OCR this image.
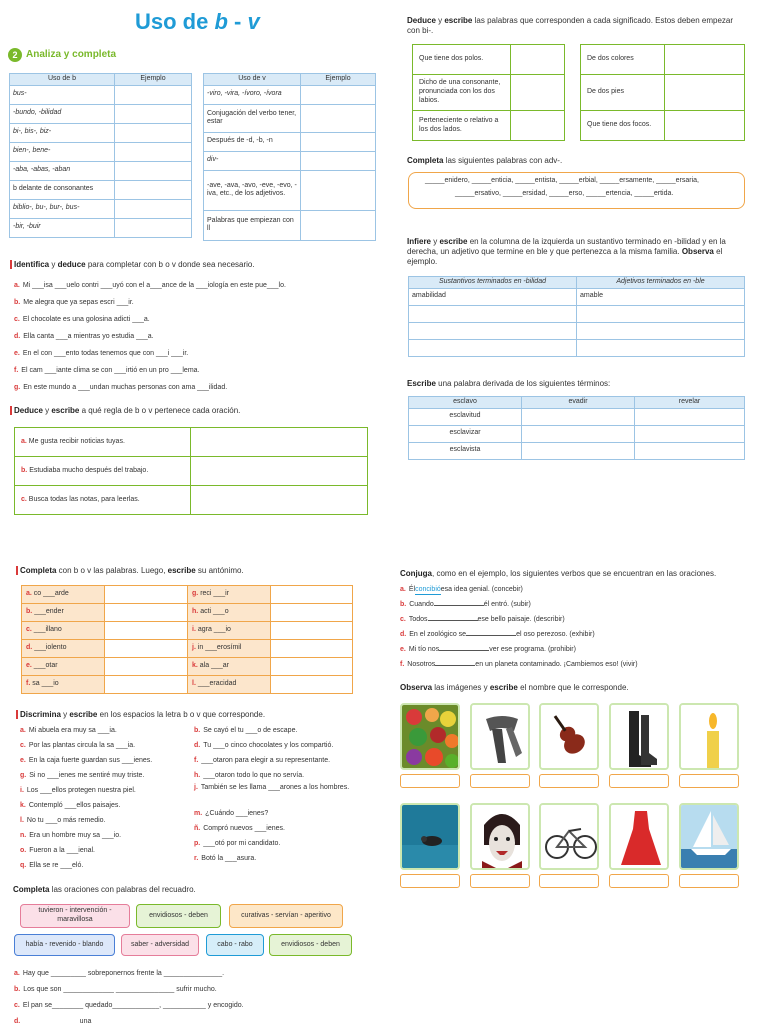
Uso de b - v
2 Analiza y completa
Uso de b	Ejemplo
bus-	
-bundo, -bilidad	
bi-, bis-, biz-	
bien-, bene-	
-aba, -abas, -aban	
b delante de consonantes	
biblio-, bu-, bur-, bus-	
-bir, -buir	
Uso de v	Ejemplo
-viro, -vira, -ívoro, -ívora	
Conjugación del verbo tener, estar	
Después de -d, -b, -n	
div-	
-ave, -ava, -avo, -eve, -evo, -iva, etc., de los adjetivos.	
Palabras que empiezan con ll	
Identifica y deduce para completar con b o v donde sea necesario.
a. Mi ___isa ___uelo contri ___uyó con el a___ance de la ___iología en este pue___lo.
b. Me alegra que ya sepas escri ___ir.
c. El chocolate es una golosina adicti ___a.
d. Ella canta ___a mientras yo estudia ___a.
e. En el con ___ento todas tenemos que con ___i ___ir.
f. El cam ___iante clima se con ___irtió en un pro ___lema.
g. En este mundo a ___undan muchas personas con ama ___ilidad.
Deduce y escribe a qué regla de b o v pertenece cada oración.
a. Me gusta recibir noticias tuyas.	
b. Estudiaba mucho después del trabajo.	
c. Busca todas las notas, para leerlas.	
Deduce y escribe las palabras que corresponden a cada significado. Estos deben empezar con bi-.
Que tiene dos polos.	
Dicho de una consonante, pronunciada con los dos labios.	
Perteneciente o relativo a los dos lados.	
De dos colores	
De dos pies	
Que tiene dos focos.	
Completa las siguientes palabras con adv-.
_____enidero, _____enticia, _____entista, _____erbial, _____ersamente, _____ersaria,
_____ersativo, _____ersidad, _____erso, _____ertencia, _____ertida.
Infiere y escribe en la columna de la izquierda un sustantivo terminado en -bilidad y en la derecha, un adjetivo que termine en ble y que pertenezca a la misma familia. Observa el ejemplo.
Sustantivos terminados en -bilidad	Adjetivos terminados en -ble
amabilidad	amable

Escribe una palabra derivada de los siguientes términos:
esclavo	evadir	revelar
esclavitud		
esclavizar		
esclavista		
Completa con b o v las palabras. Luego, escribe su antónimo.
a. co ___arde		g. reci ___ir	
b. ___ender		h. acti ___o	
c. ___illano		i. agra ___io	
d. ___iolento		j. in ___erosímil	
e. ___otar		k. ala ___ar	
f. sa ___io		l. ___eracidad	
Discrimina y escribe en los espacios la letra b o v que corresponde.
a. Mi abuela era muy sa ___ia.
c. Por las plantas circula la sa ___ia.
e. En la caja fuerte guardan sus ___ienes.
g. Si no ___ienes me sentiré muy triste.
i. Los ___ellos protegen nuestra piel.
k. Contempló ___ellos paisajes.
l. No tu ___o más remedio.
n. Era un hombre muy sa ___io.
o. Fueron a la ___ienal.
q. Ella se re ___eló.
b. Se cayó el tu ___o de escape.
d. Tu ___o cinco chocolates y los compartió.
f. ___otaron para elegir a su representante.
h. ___otaron todo lo que no servía.
j. También se les llama ___arones a los hombres.
m. ¿Cuándo ___ienes?
ñ. Compró nuevos ___ienes.
p. ___otó por mi candidato.
r. Botó la ___asura.
Completa las oraciones con palabras del recuadro.
tuvieron - intervención - maravillosa
envidiosos - deben	curativas - servían - aperitivo
había - revenido - blando	saber - adversidad	cabo - rabo	envidiosos - deben
a. Hay que _________ sobreponernos frente la _______________.
b. Los que son _____________ _______________ sufrir mucho.
c. El pan se________ quedado____________, ___________ y encogido.
d. ______________ una
Conjuga, como en el ejemplo, los siguientes verbos que se encuentran en las oraciones.
a. Él concibió esa idea genial. (concebir)
b. Cuando	él entró. (subir)
c. Todos	ese bello paisaje. (describir)
d. En el zoológico se	el oso perezoso. (exhibir)
e. Mi tío nos	ver ese programa. (prohibir)
f. Nosotros	en un planeta contaminado. ¡Cambiemos eso! (vivir)
Observa las imágenes y escribe el nombre que le corresponde.
